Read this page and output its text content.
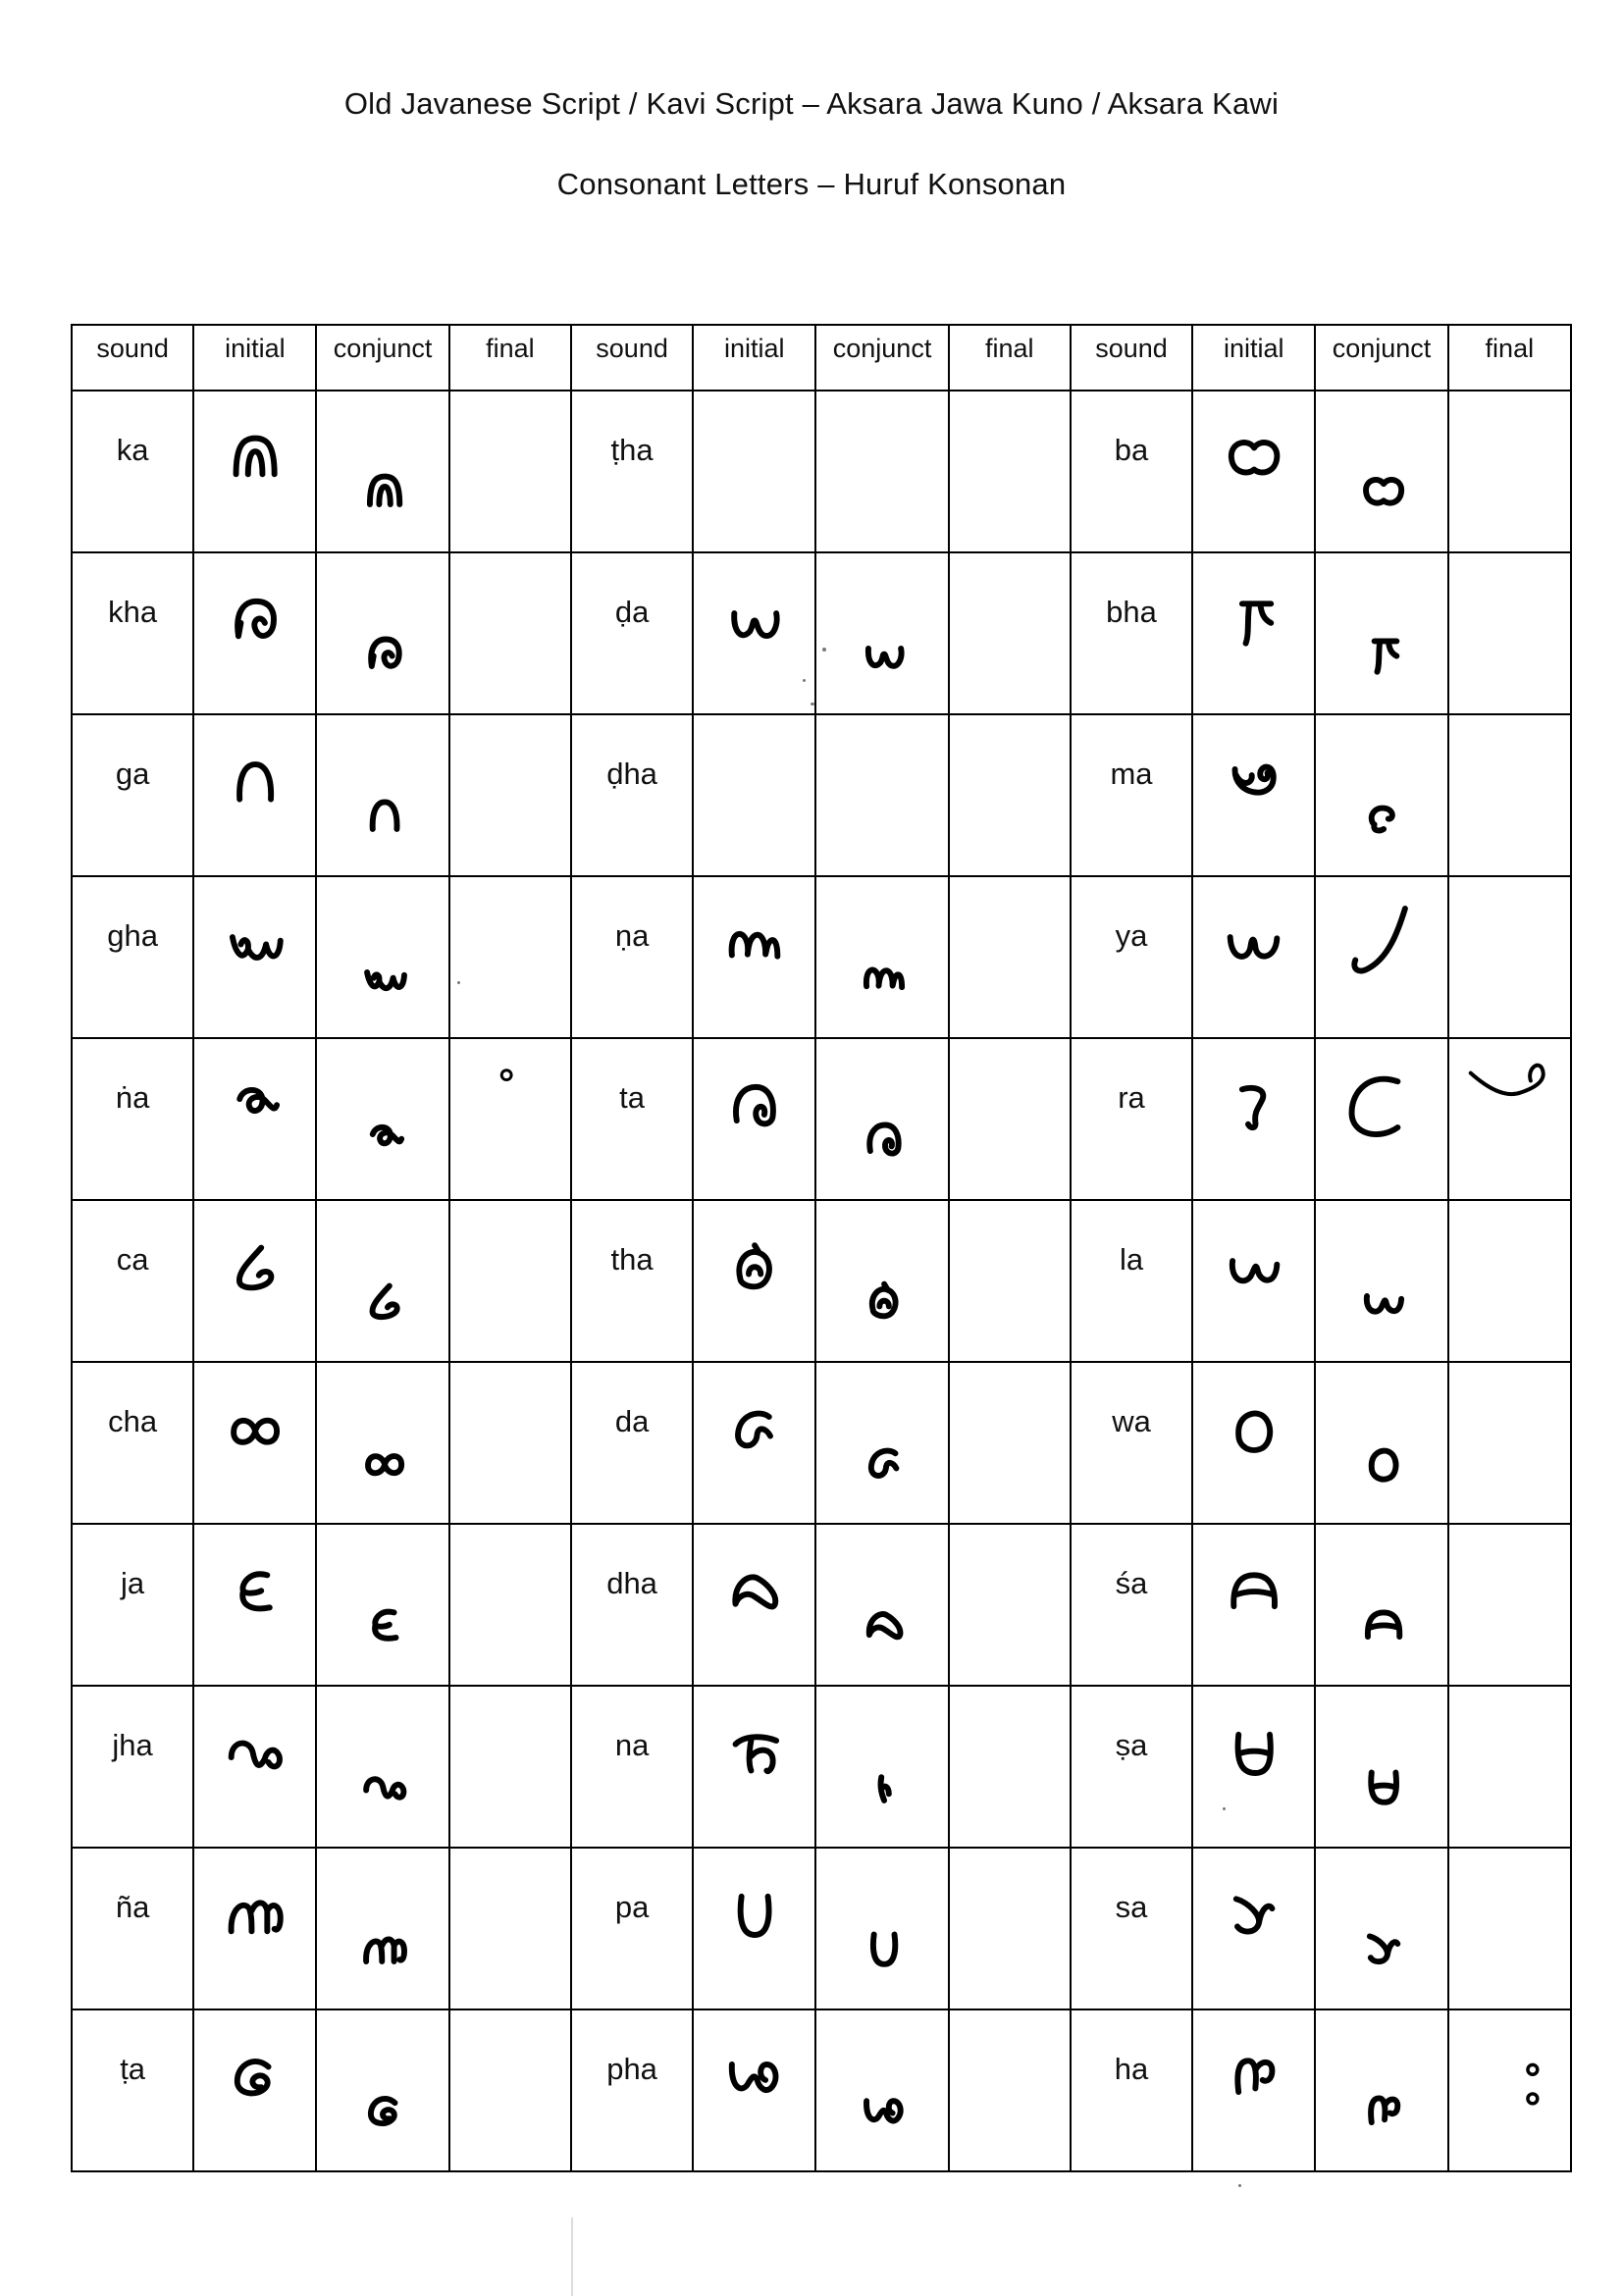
Old Javanese Script / Kavi Script – Aksara Jawa Kuno / Aksara Kawi
Consonant Letters – Huruf Konsonan
sound	initial	conjunct	final	sound	initial	conjunct	final	sound	initial	conjunct	final

ka				ṭha				ba

kha				ḍa				bha

ga				ḍha				ma

gha				ṇa				ya

ṅa				ta				ra

ca				tha				la

cha				da				wa

ja				dha				śa

jha				na				ṣa

ña				pa				sa

ṭa				pha				ha
